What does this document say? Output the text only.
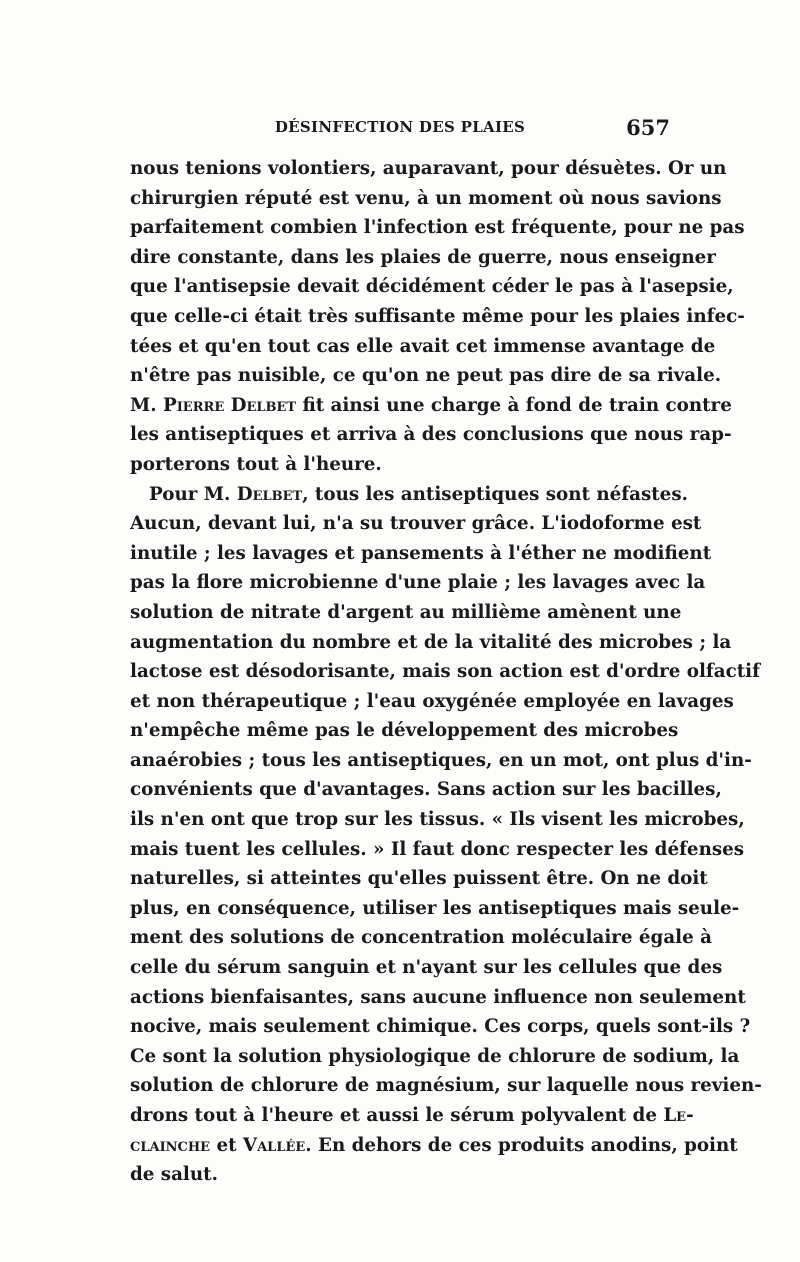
DÉSINFECTION DES PLAIES	657
nous tenions volontiers, auparavant, pour désuètes. Or un
chirurgien réputé est venu, à un moment où nous savions
parfaitement combien l'infection est fréquente, pour ne pas
dire constante, dans les plaies de guerre, nous enseigner
que l'antisepsie devait décidément céder le pas à l'asepsie,
que celle-ci était très suffisante même pour les plaies infec-
tées et qu'en tout cas elle avait cet immense avantage de
n'être pas nuisible, ce qu'on ne peut pas dire de sa rivale.
M. Pierre Delbet fit ainsi une charge à fond de train contre
les antiseptiques et arriva à des conclusions que nous rap-
porterons tout à l'heure.
Pour M. Delbet, tous les antiseptiques sont néfastes.
Aucun, devant lui, n'a su trouver grâce. L'iodoforme est
inutile ; les lavages et pansements à l'éther ne modifient
pas la flore microbienne d'une plaie ; les lavages avec la
solution de nitrate d'argent au millième amènent une
augmentation du nombre et de la vitalité des microbes ; la
lactose est désodorisante, mais son action est d'ordre olfactif
et non thérapeutique ; l'eau oxygénée employée en lavages
n'empêche même pas le développement des microbes
anaérobies ; tous les antiseptiques, en un mot, ont plus d'in-
convénients que d'avantages. Sans action sur les bacilles,
ils n'en ont que trop sur les tissus. « Ils visent les microbes,
mais tuent les cellules. » Il faut donc respecter les défenses
naturelles, si atteintes qu'elles puissent être. On ne doit
plus, en conséquence, utiliser les antiseptiques mais seule-
ment des solutions de concentration moléculaire égale à
celle du sérum sanguin et n'ayant sur les cellules que des
actions bienfaisantes, sans aucune influence non seulement
nocive, mais seulement chimique. Ces corps, quels sont-ils ?
Ce sont la solution physiologique de chlorure de sodium, la
solution de chlorure de magnésium, sur laquelle nous revien-
drons tout à l'heure et aussi le sérum polyvalent de Le-
clainche et Vallée. En dehors de ces produits anodins, point
de salut.
